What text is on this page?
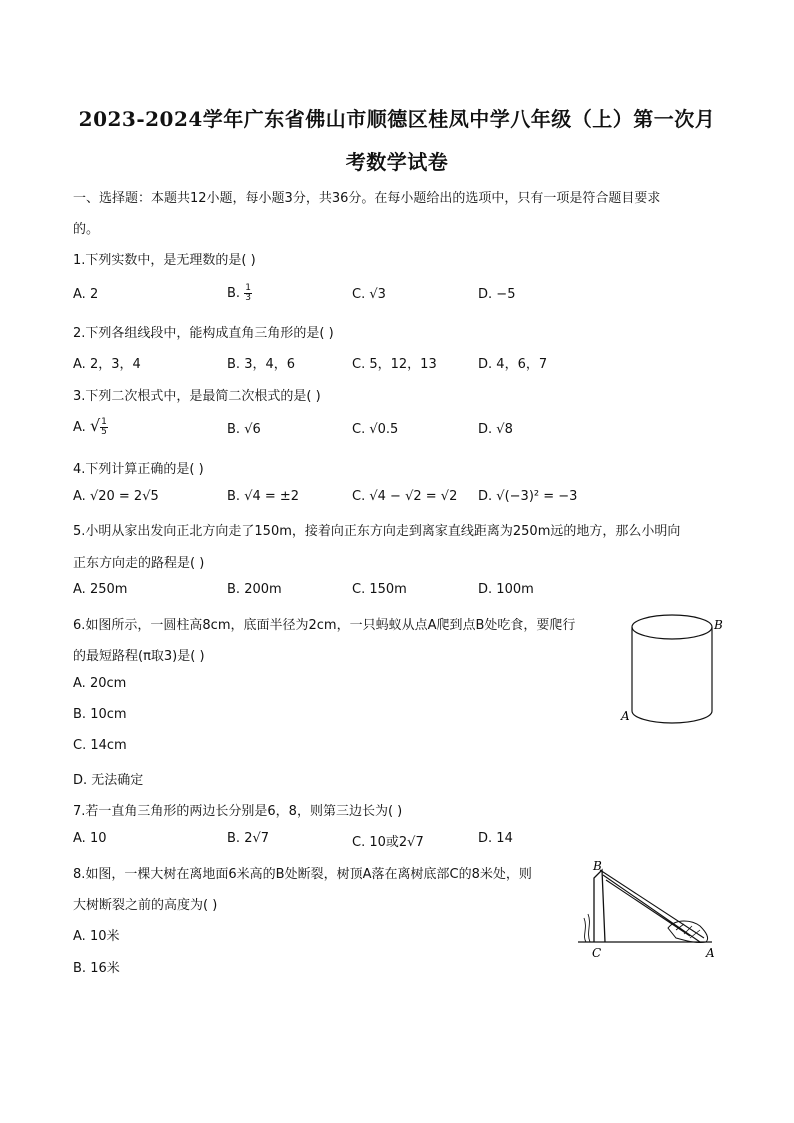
2023-2024学年广东省佛山市顺德区桂凤中学八年级（上）第一次月
考数学试卷

一、选择题：本题共12小题，每小题3分，共36分。在每小题给出的选项中，只有一项是符合题目要求

的。

1.下列实数中，是无理数的是( )

A. 2	B. $\frac{1}{3}$	C. √3	D. −5

2.下列各组线段中，能构成直角三角形的是( )

A. 2，3，4	B. 3，4，6	C. 5，12，13	D. 4，6，7

3.下列二次根式中，是最简二次根式的是( )

A. √ $\frac{1}{5}$	B. √6	C. √0.5	D. √8

4.下列计算正确的是( )

A. √20 = 2√5	B. √4 = ±2	C. √4 − √2 = √2 D. √(−3)² = −3

5.小明从家出发向正北方向走了150m，接着向正东方向走到离家直线距离为250m远的地方，那么小明向

正东方向走的路程是( )

A. 250m	B. 200m	C. 150m	D. 100m

6.如图所示，一圆柱高8cm，底面半径为2cm，一只蚂蚁从点A爬到点B处吃食，要爬行

的最短路程(π取3)是( )

A. 20cm
B. 10cm
C. 14cm
D. 无法确定
B
A

7.若一直角三角形的两边长分别是6，8，则第三边长为( )

A. 10	B. 2√7	C. 10或2√7	D. 14

8.如图，一棵大树在离地面6米高的B处断裂，树顶A落在离树底部C的8米处，则

大树断裂之前的高度为( )

A. 10米
B. 16米
B
C	A
